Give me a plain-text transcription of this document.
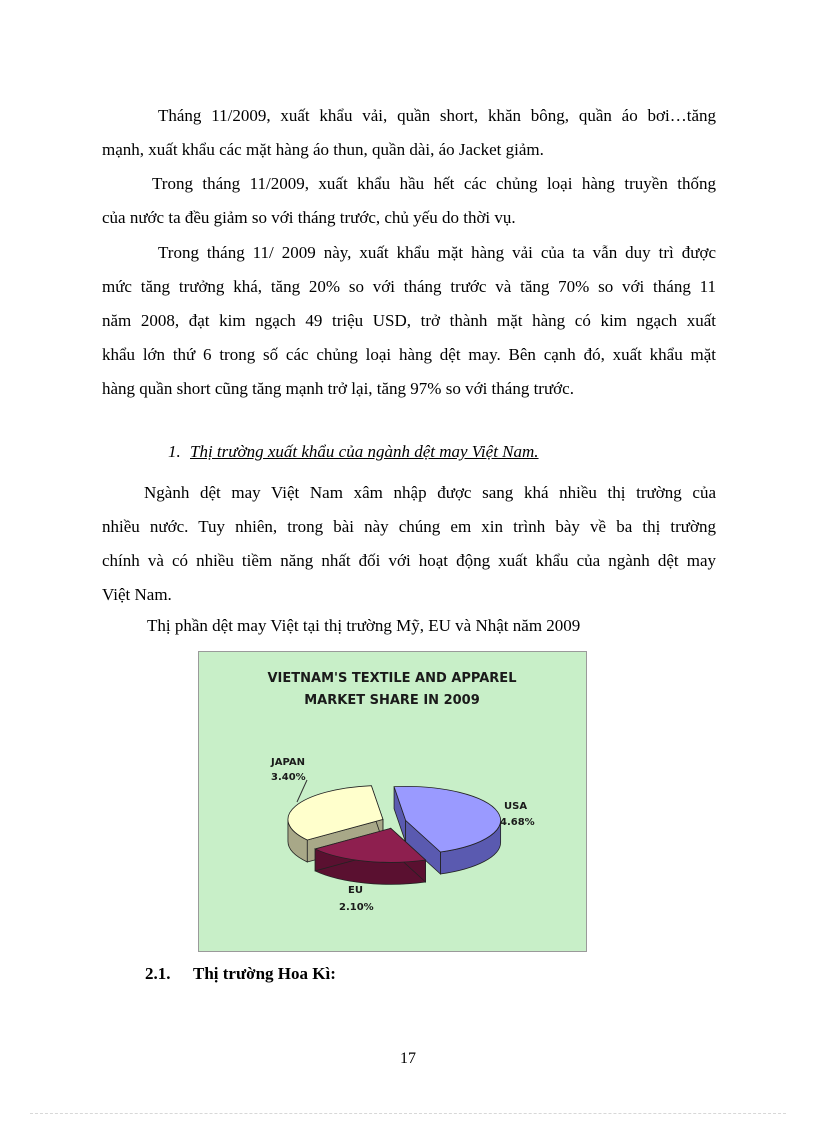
Tháng 11/2009, xuất khẩu vải, quần short, khăn bông, quần áo bơi…tăng
mạnh, xuất khẩu các mặt hàng áo thun, quần dài, áo Jacket giảm.
Trong tháng 11/2009, xuất khẩu hầu hết các chủng loại hàng truyền thống
của nước ta đều giảm so với tháng trước, chủ yếu do thời vụ.
Trong tháng 11/ 2009 này, xuất khẩu mặt hàng vải của ta vẫn duy trì được
mức tăng trưởng khá, tăng 20% so với tháng trước và tăng 70% so với tháng 11
năm 2008, đạt kim ngạch 49 triệu USD, trở thành mặt hàng có kim ngạch xuất
khẩu lớn thứ 6 trong số các chủng loại hàng dệt may. Bên cạnh đó, xuất khẩu mặt
hàng quần short cũng tăng mạnh trở lại, tăng 97% so với tháng trước.
1. Thị trường xuất khẩu của ngành dệt may Việt Nam.
Ngành dệt may Việt Nam xâm nhập được sang khá nhiều thị trường của
nhiều nước. Tuy nhiên, trong bài này chúng em xin trình bày về ba thị trường
chính và có nhiều tiềm năng nhất đối với hoạt động xuất khẩu của ngành dệt may
Việt Nam.
Thị phần dệt may Việt tại thị trường Mỹ, EU và Nhật năm 2009
VIETNAM'S TEXTILE AND APPAREL
MARKET SHARE IN 2009
JAPAN
3.40%
USA
4.68%
EU
2.10%
2.1. Thị trường Hoa Kì:
17
